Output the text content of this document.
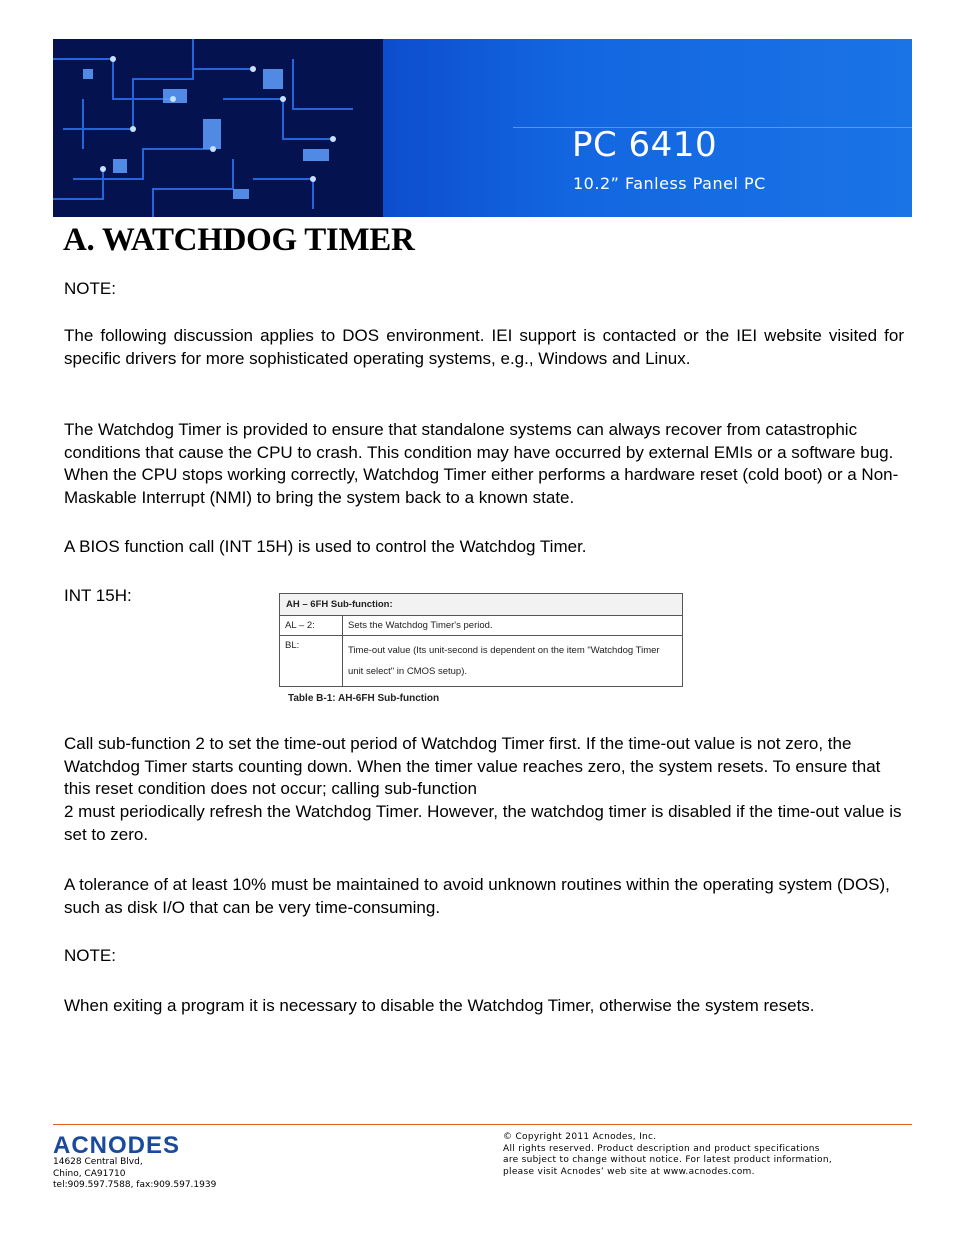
PC 6410
10.2” Fanless Panel PC
A. WATCHDOG TIMER

NOTE:

The following discussion applies to DOS environment. IEI support is contacted or the IEI website visited for specific drivers for more sophisticated operating systems, e.g., Windows and Linux.

The Watchdog Timer is provided to ensure that standalone systems can always recover from catastrophic conditions that cause the CPU to crash. This condition may have occurred by external EMIs or a software bug. When the CPU stops working correctly, Watchdog Timer either performs a hardware reset (cold boot) or a Non-Maskable Interrupt (NMI) to bring the system back to a known state.

A BIOS function call (INT 15H) is used to control the Watchdog Timer.

INT 15H:	AH – 6FH Sub-function:	
AL – 2:	Sets the Watchdog Timer's period.
BL:	Time-out value (Its unit-second is dependent on the item "Watchdog Timer unit select" in CMOS setup).
Table B-1: AH-6FH Sub-function

Call sub-function 2 to set the time-out period of Watchdog Timer first. If the time-out value is not zero, the Watchdog Timer starts counting down. When the timer value reaches zero, the system resets. To ensure that this reset condition does not occur; calling sub-function

2 must periodically refresh the Watchdog Timer. However, the watchdog timer is disabled if the time-out value is set to zero.

A tolerance of at least 10% must be maintained to avoid unknown routines within the operating system (DOS), such as disk I/O that can be very time-consuming.

NOTE:

When exiting a program it is necessary to disable the Watchdog Timer, otherwise the system resets.

ACNODES
14628 Central Blvd,
Chino, CA91710
tel:909.597.7588, fax:909.597.1939
© Copyright 2011 Acnodes, Inc.
All rights reserved. Product description and product specifications
are subject to change without notice. For latest product information,
please visit Acnodes’ web site at www.acnodes.com.
